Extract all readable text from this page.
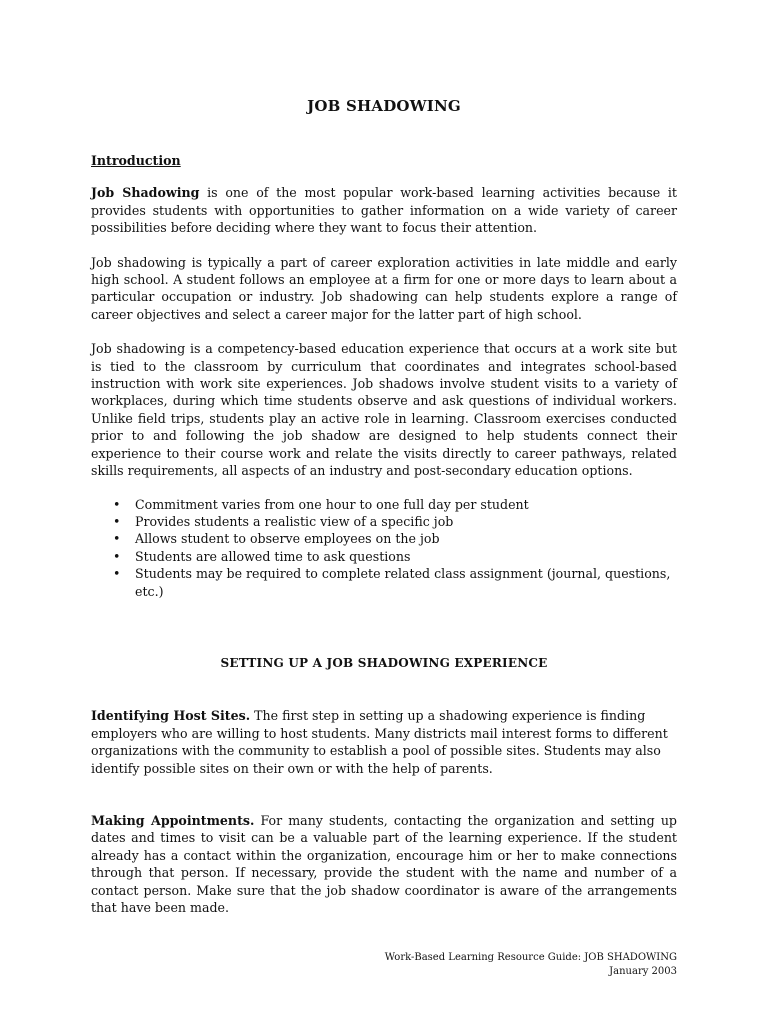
JOB SHADOWING
Introduction

Job Shadowing is one of the most popular work-based learning activities because it provides students with opportunities to gather information on a wide variety of career possibilities before deciding where they want to focus their attention.

Job shadowing is typically a part of career exploration activities in late middle and early high school. A student follows an employee at a firm for one or more days to learn about a particular occupation or industry. Job shadowing can help students explore a range of career objectives and select a career major for the latter part of high school.

Job shadowing is a competency-based education experience that occurs at a work site but is tied to the classroom by curriculum that coordinates and integrates school-based instruction with work site experiences. Job shadows involve student visits to a variety of workplaces, during which time students observe and ask questions of individual workers. Unlike field trips, students play an active role in learning. Classroom exercises conducted prior to and following the job shadow are designed to help students connect their experience to their course work and relate the visits directly to career pathways, related skills requirements, all aspects of an industry and post-secondary education options.

• Commitment varies from one hour to one full day per student
• Provides students a realistic view of a specific job
• Allows student to observe employees on the job
• Students are allowed time to ask questions
• Students may be required to complete related class assignment (journal, questions, etc.)
SETTING UP A JOB SHADOWING EXPERIENCE

Identifying Host Sites. The first step in setting up a shadowing experience is finding employers who are willing to host students. Many districts mail interest forms to different organizations with the community to establish a pool of possible sites. Students may also identify possible sites on their own or with the help of parents.

Making Appointments. For many students, contacting the organization and setting up dates and times to visit can be a valuable part of the learning experience. If the student already has a contact within the organization, encourage him or her to make connections through that person. If necessary, provide the student with the name and number of a contact person. Make sure that the job shadow coordinator is aware of the arrangements that have been made.

Work-Based Learning Resource Guide: JOB SHADOWING
January 2003
